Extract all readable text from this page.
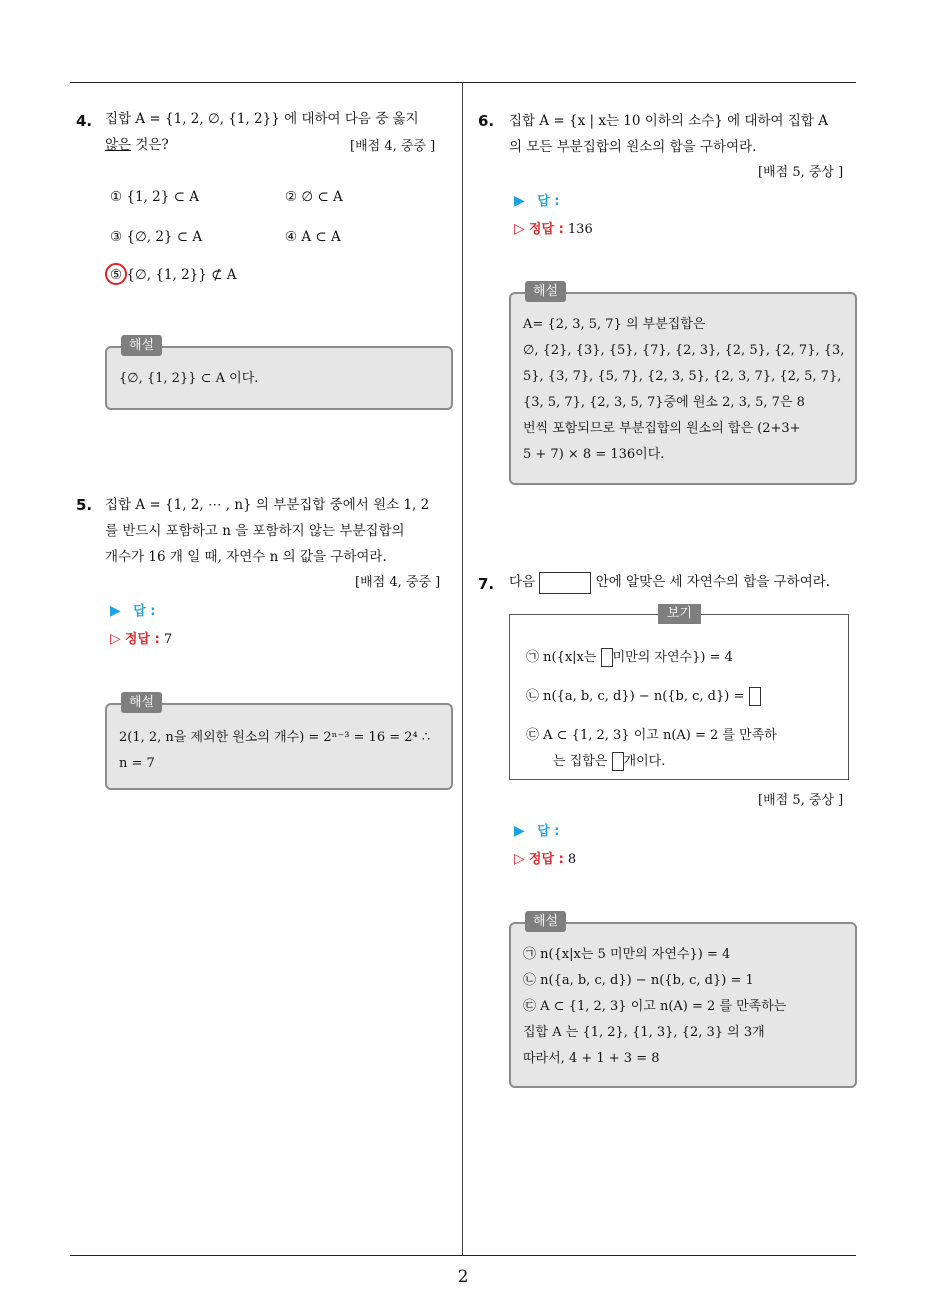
2
4. 집합 A = {1, 2, ∅, {1, 2}} 에 대하여 다음 중 옳지
않은 것은?	[배점 4, 중중 ]
① {1, 2} ⊂ A	② ∅ ⊂ A
③ {∅, 2} ⊂ A	④ A ⊂ A
⑤ {∅, {1, 2}} ⊄ A
해설
{∅, {1, 2}} ⊂ A 이다.
5. 집합 A = {1, 2, ⋯ , n} 의 부분집합 중에서 원소 1, 2
를 반드시 포함하고 n 을 포함하지 않는 부분집합의
개수가 16 개 일 때, 자연수 n 의 값을 구하여라.
[배점 4, 중중 ]
▶ 답 :
▷ 정답 : 7
해설
2(1, 2, n을 제외한 원소의 개수) = 2ⁿ⁻³ = 16 = 2⁴ ∴
n = 7
6. 집합 A = {x | x는 10 이하의 소수} 에 대하여 집합 A
의 모든 부분집합의 원소의 합을 구하여라.
[배점 5, 중상 ]
▶ 답 :
▷ 정답 : 136
해설
A= {2, 3, 5, 7} 의 부분집합은
∅, {2}, {3}, {5}, {7}, {2, 3}, {2, 5}, {2, 7}, {3,
5}, {3, 7}, {5, 7}, {2, 3, 5}, {2, 3, 7}, {2, 5, 7},
{3, 5, 7}, {2, 3, 5, 7}중에 원소 2, 3, 5, 7은 8
번씩 포함되므로 부분집합의 원소의 합은 (2+3+
5 + 7) × 8 = 136이다.
7. 다음	안에 알맞은 세 자연수의 합을 구하여라.
보기
㉠ n({x|x는 미만의 자연수}) = 4
㉡ n({a, b, c, d}) − n({b, c, d}) =
㉢ A ⊂ {1, 2, 3} 이고 n(A) = 2 를 만족하
는 집합은 개이다.
[배점 5, 중상 ]
▶ 답 :
▷ 정답 : 8
해설
㉠ n({x|x는 5 미만의 자연수}) = 4
㉡ n({a, b, c, d}) − n({b, c, d}) = 1
㉢ A ⊂ {1, 2, 3} 이고 n(A) = 2 를 만족하는
집합 A 는 {1, 2}, {1, 3}, {2, 3} 의 3개
따라서, 4 + 1 + 3 = 8
